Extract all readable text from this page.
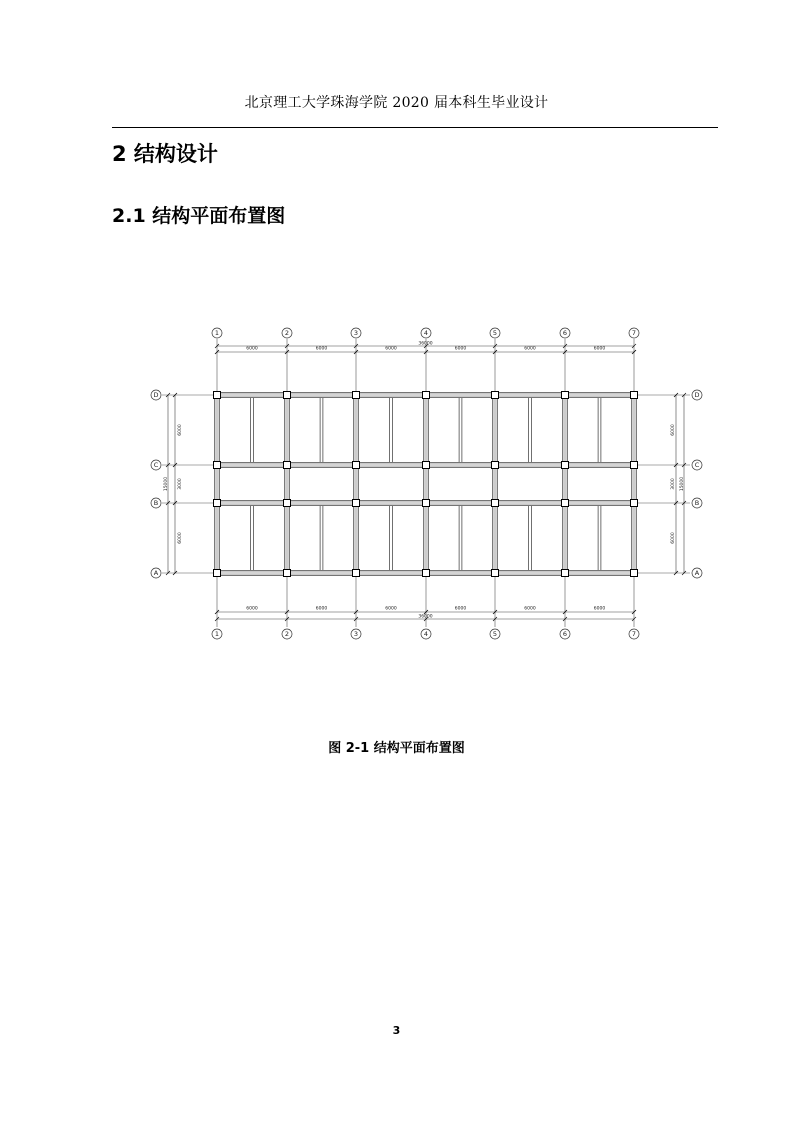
北京理工大学珠海学院 2020 届本科生毕业设计
2 结构设计
2.1 结构平面布置图
6000	6000	6000	6000	6000	6000
36000
6000	6000	6000	6000	6000	6000
36000
6000
3000
6000
15000
6000
3000
6000
15000
1
1
2
2
3
3
4
4
5
5
6
6
7
7
A	A
B	B
C	C
D	D
图 2-1 结构平面布置图
3
